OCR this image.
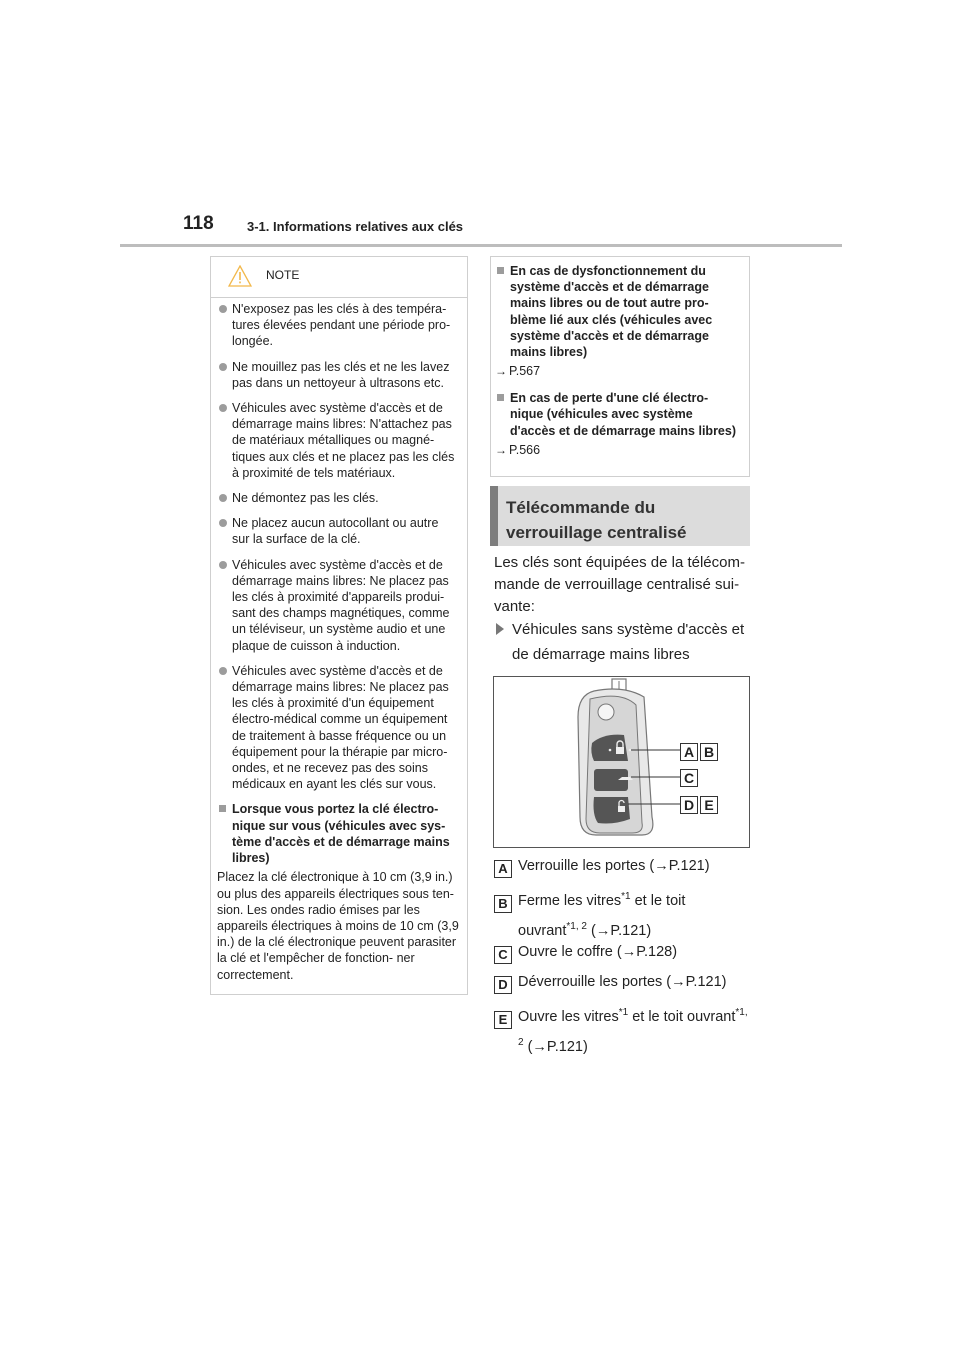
118	3-1. Informations relatives aux clés
NOTE
N'exposez pas les clés à des tempéra- tures élevées pendant une période pro- longée.
Ne mouillez pas les clés et ne les lavez pas dans un nettoyeur à ultrasons etc.
Véhicules avec système d'accès et de démarrage mains libres: N'attachez pas de matériaux métalliques ou magné- tiques aux clés et ne placez pas les clés à proximité de tels matériaux.
Ne démontez pas les clés.
Ne placez aucun autocollant ou autre sur la surface de la clé.
Véhicules avec système d'accès et de démarrage mains libres: Ne placez pas les clés à proximité d'appareils produi- sant des champs magnétiques, comme un téléviseur, un système audio et une plaque de cuisson à induction.
Véhicules avec système d'accès et de démarrage mains libres: Ne placez pas les clés à proximité d'un équipement électro-médical comme un équipement de traitement à basse fréquence ou un équipement pour la thérapie par micro-ondes, et ne recevez pas des soins médicaux en ayant les clés sur vous.
Lorsque vous portez la clé électro- nique sur vous (véhicules avec sys- tème d'accès et de démarrage mains libres)
Placez la clé électronique à 10 cm (3,9 in.) ou plus des appareils électriques sous ten- sion. Les ondes radio émises par les appareils électriques à moins de 10 cm (3,9 in.) de la clé électronique peuvent parasiter la clé et l'empêcher de fonction- ner correctement.
En cas de dysfonctionnement du système d'accès et de démarrage mains libres ou de tout autre pro- blème lié aux clés (véhicules avec système d'accès et de démarrage mains libres)
→ P.567
En cas de perte d'une clé électro- nique (véhicules avec système d'accès et de démarrage mains libres)
→ P.566
Télécommande du verrouillage centralisé
Les clés sont équipées de la télécom- mande de verrouillage centralisé sui- vante:
Véhicules sans système d'accès et de démarrage mains libres
A B
C
D E
A Verrouille les portes (→P.121)
B Ferme les vitres$^{*1}$ et le toit
ouvrant$^{*1, 2}$ (→P.121)
C Ouvre le coffre (→P.128)
D Déverrouille les portes (→P.121)
E Ouvre les vitres$^{*1}$ et le toit ouvrant$^{*1,}$
$^2$ (→P.121)
